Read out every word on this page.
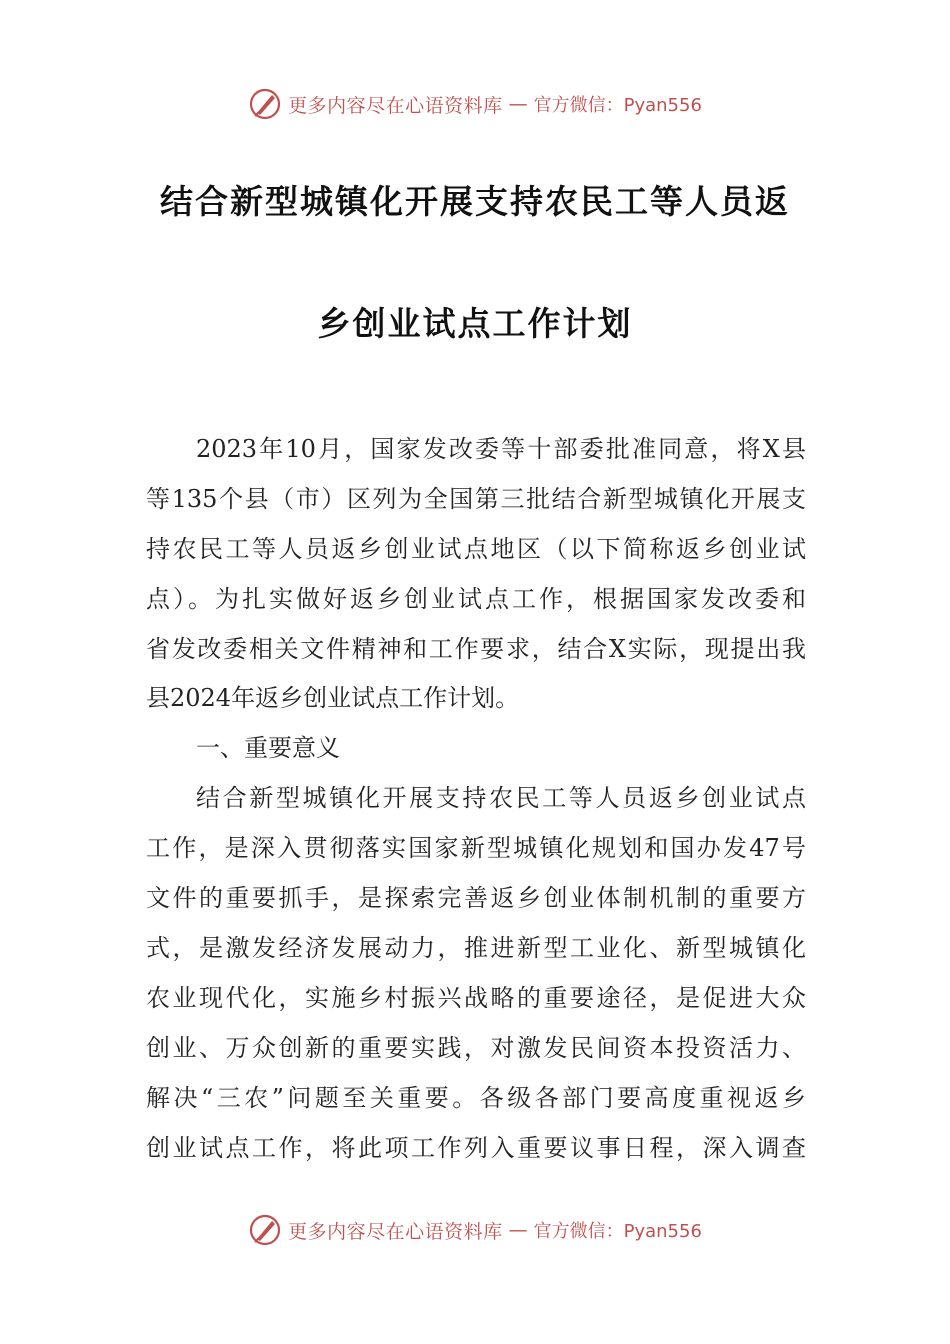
更多内容尽在心语资料库 — 官方微信：Pyan556
结合新型城镇化开展支持农民工等人员返
乡创业试点工作计划
2023年10月，国家发改委等十部委批准同意，将X县
等135个县（市）区列为全国第三批结合新型城镇化开展支
持农民工等人员返乡创业试点地区（以下简称返乡创业试
点）。为扎实做好返乡创业试点工作，根据国家发改委和
省发改委相关文件精神和工作要求，结合X实际，现提出我
县2024年返乡创业试点工作计划。
一、重要意义
结合新型城镇化开展支持农民工等人员返乡创业试点
工作，是深入贯彻落实国家新型城镇化规划和国办发47号
文件的重要抓手，是探索完善返乡创业体制机制的重要方
式，是激发经济发展动力，推进新型工业化、新型城镇化
农业现代化，实施乡村振兴战略的重要途径，是促进大众
创业、万众创新的重要实践，对激发民间资本投资活力、
解决“三农”问题至关重要。各级各部门要高度重视返乡
创业试点工作，将此项工作列入重要议事日程，深入调查
更多内容尽在心语资料库 — 官方微信：Pyan556
